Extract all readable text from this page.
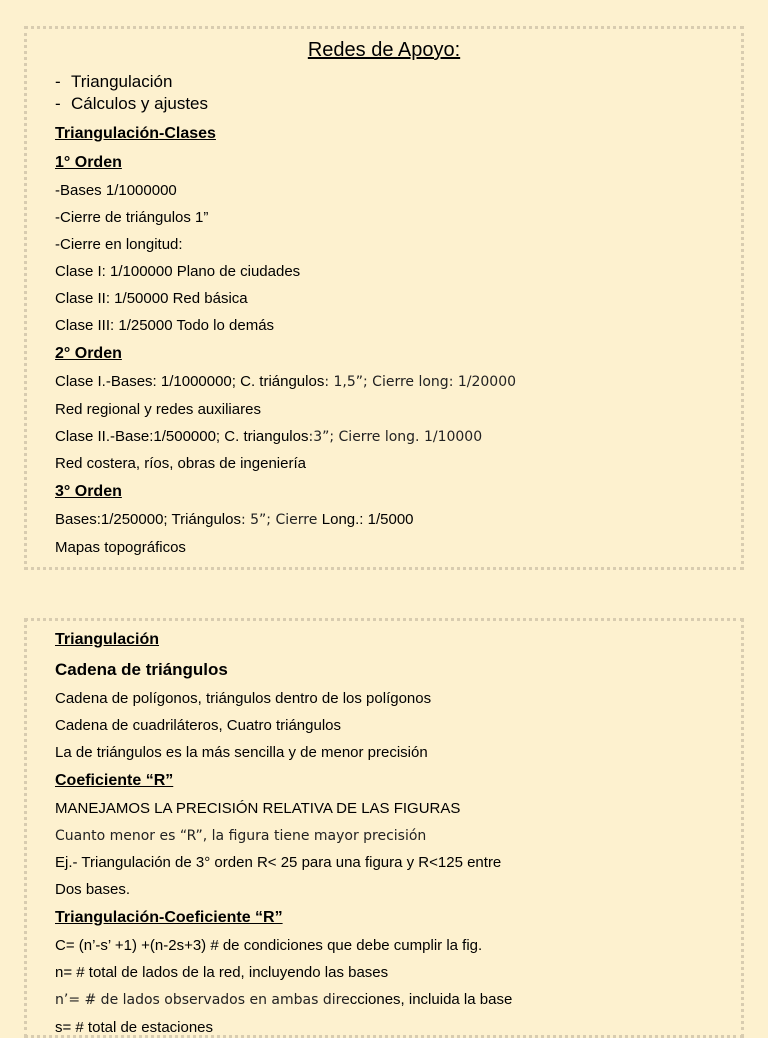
Redes de Apoyo:
- Triangulación
- Cálculos y ajustes
Triangulación-Clases
1° Orden
-Bases 1/1000000
-Cierre de triángulos 1”
-Cierre en longitud:
Clase I: 1/100000 Plano de ciudades
Clase II: 1/50000 Red básica
Clase III: 1/25000 Todo lo demás
2° Orden
Clase I.-Bases: 1/1000000; C. triángulos: 1,5”; Cierre long: 1/20000
Red regional y redes auxiliares
Clase II.-Base:1/500000; C. triangulos:3”; Cierre long. 1/10000
Red costera, ríos, obras de ingeniería
3° Orden
Bases:1/250000; Triángulos: 5”; Cierre Long.: 1/5000
Mapas topográficos
Triangulación
Cadena de triángulos
Cadena de polígonos, triángulos dentro de los polígonos
Cadena de cuadriláteros, Cuatro triángulos
La de triángulos es la más sencilla y de menor precisión
Coeficiente “R”
MANEJAMOS LA PRECISIÓN RELATIVA DE LAS FIGURAS
Cuanto menor es “R”, la figura tiene mayor precisión
Ej.- Triangulación de 3° orden R< 25 para una figura y R<125 entre
Dos bases.
Triangulación-Coeficiente “R”
C= (n’-s’ +1) +(n-2s+3) # de condiciones que debe cumplir la fig.
n= # total de lados de la red, incluyendo las bases
n’= # de lados observados en ambas direcciones, incluida la base
s= # total de estaciones
